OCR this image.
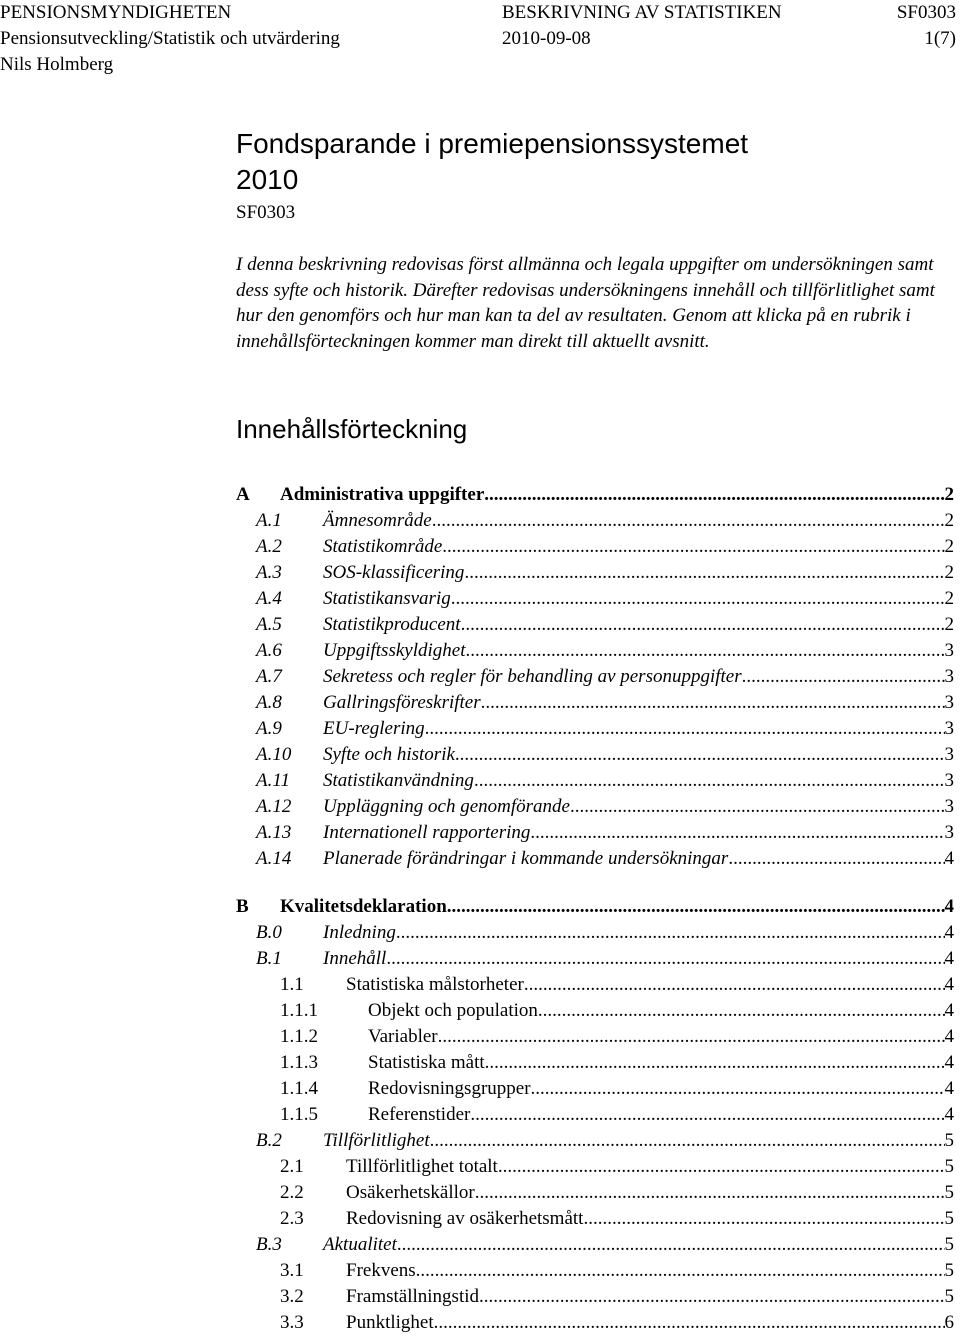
PENSIONSMYNDIGHETEN	BESKRIVNING AV STATISTIKEN	SF0303
Pensionsutveckling/Statistik och utvärdering	2010-09-08	1(7)
Nils Holmberg
Fondsparande i premiepensionssystemet
2010
SF0303

I denna beskrivning redovisas först allmänna och legala uppgifter om undersökningen samt dess syfte och historik. Därefter redovisas undersökningens innehåll och tillförlitlighet samt hur den genomförs och hur man kan ta del av resultaten. Genom att klicka på en rubrik i innehållsförteckningen kommer man direkt till aktuellt avsnitt.

Innehållsförteckning
A Administrativa uppgifter .....	2
A.1 Ämnesområde .....	2
A.2 Statistikområde .....	2
A.3 SOS-klassificering .....	2
A.4 Statistikansvarig .....	2
A.5 Statistikproducent .....	2
A.6 Uppgiftsskyldighet .....	3
A.7 Sekretess och regler för behandling av personuppgifter .....	3
A.8 Gallringsföreskrifter .....	3
A.9 EU-reglering .....	3
A.10 Syfte och historik .....	3
A.11 Statistikanvändning .....	3
A.12 Uppläggning och genomförande .....	3
A.13 Internationell rapportering .....	3
A.14 Planerade förändringar i kommande undersökningar .....	4
B Kvalitetsdeklaration .....	4
B.0 Inledning .....	4
B.1 Innehåll .....	4
1.1 Statistiska målstorheter .....	4
1.1.1	Objekt och population .....	4
1.1.2	Variabler .....	4
1.1.3	Statistiska mått .....	4
1.1.4	Redovisningsgrupper .....	4
1.1.5	Referenstider .....	4
B.2 Tillförlitlighet .....	5
2.1 Tillförlitlighet totalt .....	5
2.2 Osäkerhetskällor .....	5
2.3 Redovisning av osäkerhetsmått .....	5
B.3 Aktualitet .....	5
3.1 Frekvens .....	5
3.2 Framställningstid .....	5
3.3 Punktlighet .....	6
